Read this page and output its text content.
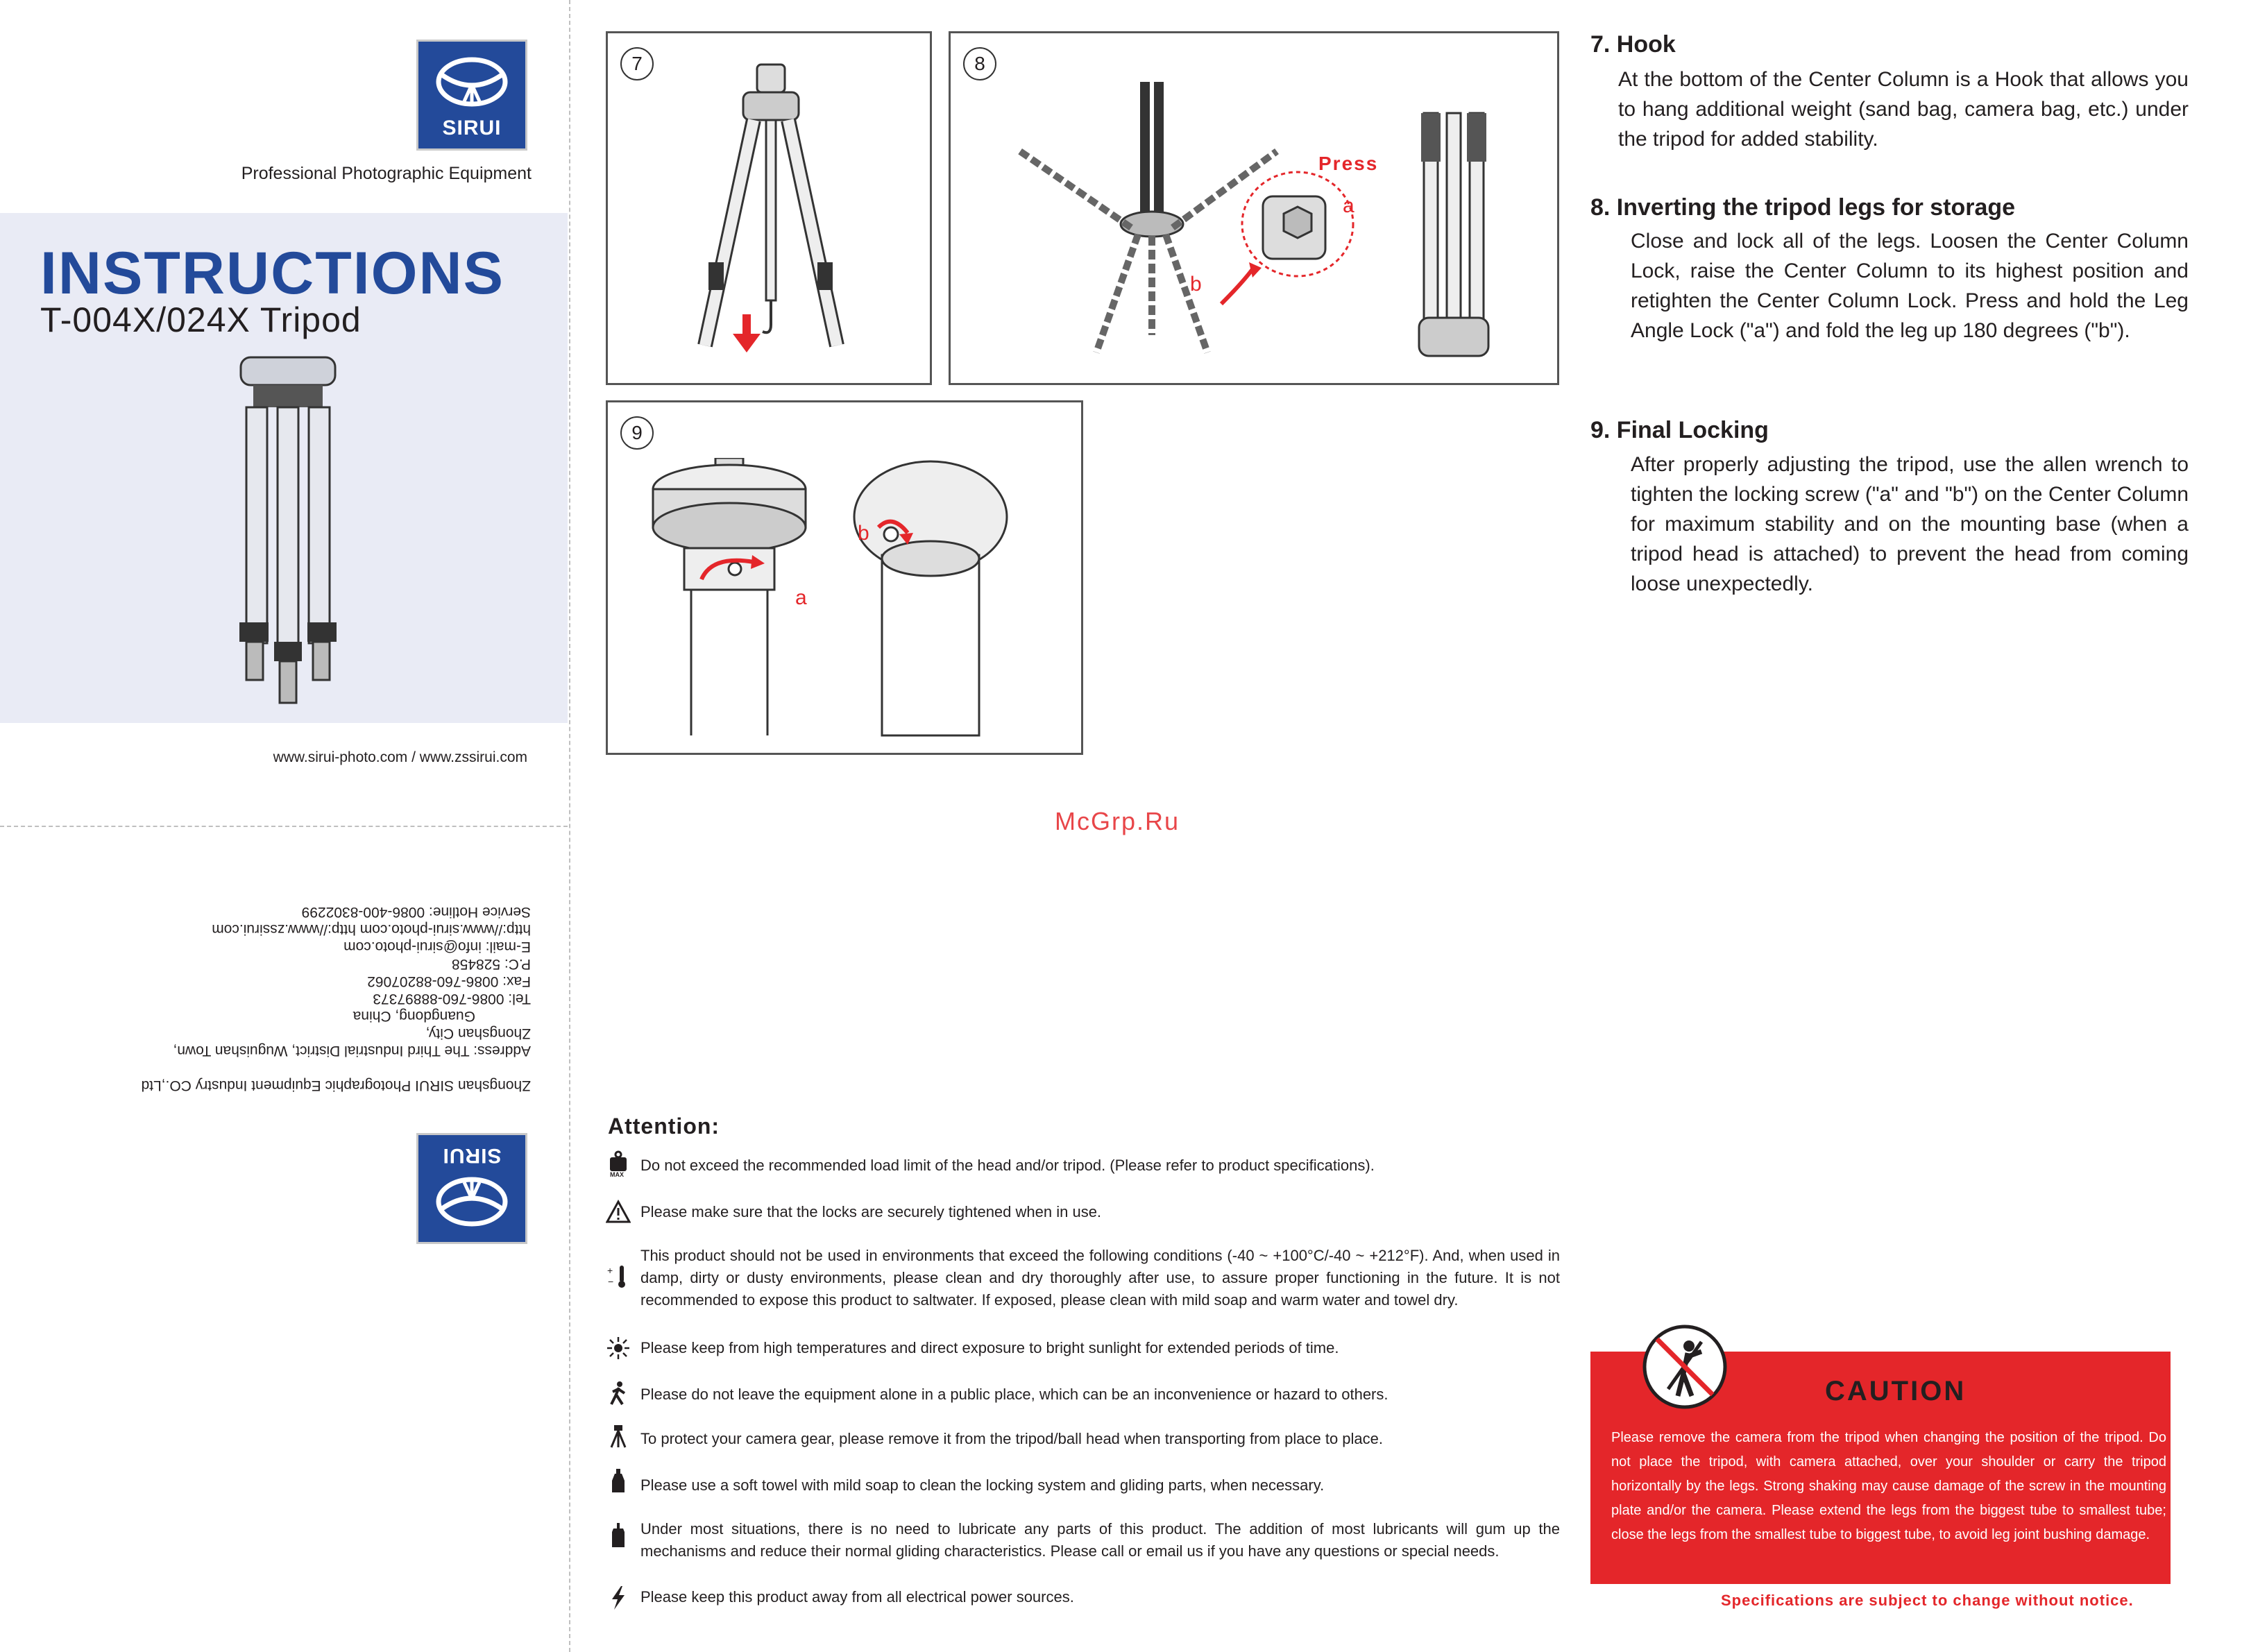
SIRUI
Professional Photographic Equipment
INSTRUCTIONS
T-004X/024X Tripod
www.sirui-photo.com / www.zssirui.com
Zhongshan SIRUI Photographic Equipment Industry CO.,Ltd
Address: The Third Industrial District, Wuguishan Town, Zhongshan City,
Guangdong, China
Tel: 0086-760-88897373
Fax: 0086-760-88207062
P.C: 528458
E-mail: info@sirui-photo.com
http://www.sirui-photo.com http://www.zssirui.com
Service Hotline: 0086-400-8302299
SIRUI
7	8
b
Press
a
9
a
b
McGrp.Ru
7. Hook
At the bottom of the Center Column is a Hook that allows you to hang additional weight (sand bag, camera bag, etc.) under the tripod for added stability.
8. Inverting the tripod legs for storage
Close and lock all of the legs. Loosen the Center Column Lock, raise the Center Column to its highest position and retighten the Center Column Lock. Press and hold the Leg Angle Lock ("a") and fold the leg up 180 degrees ("b").
9. Final Locking
After properly adjusting the tripod, use the allen wrench to tighten the locking screw ("a" and "b") on the Center Column for maximum stability and on the mounting base (when a tripod head is attached) to prevent the head from coming loose unexpectedly.
Attention:
MAX
Do not exceed the recommended load limit of the head and/or tripod. (Please refer to product specifications).
Please make sure that the locks are securely tightened when in use.
+
−
This product should not be used in environments that exceed the following conditions (-40 ~ +100°C/-40 ~ +212°F). And, when used in damp, dirty or dusty environments, please clean and dry thoroughly after use, to assure proper functioning in the future. It is not recommended to expose this product to saltwater. If exposed, please clean with mild soap and warm water and towel dry.
Please keep from high temperatures and direct exposure to bright sunlight for extended periods of time.
Please do not leave the equipment alone in a public place, which can be an inconvenience or hazard to others.
To protect your camera gear, please remove it from the tripod/ball head when transporting from place to place.
Please use a soft towel with mild soap to clean the locking system and gliding parts, when necessary.
Under most situations, there is no need to lubricate any parts of this product. The addition of most lubricants will gum up the mechanisms and reduce their normal gliding characteristics. Please call or email us if you have any questions or special needs.
Please keep this product away from all electrical power sources.
CAUTION
Please remove the camera from the tripod when changing the position of the tripod. Do not place the tripod, with camera attached, over your shoulder or carry the tripod horizontally by the legs. Strong shaking may cause damage of the screw in the mounting plate and/or the camera. Please extend the legs from the biggest tube to smallest tube; close the legs from the smallest tube to biggest tube, to avoid leg joint bushing damage.
Specifications are subject to change without notice.
